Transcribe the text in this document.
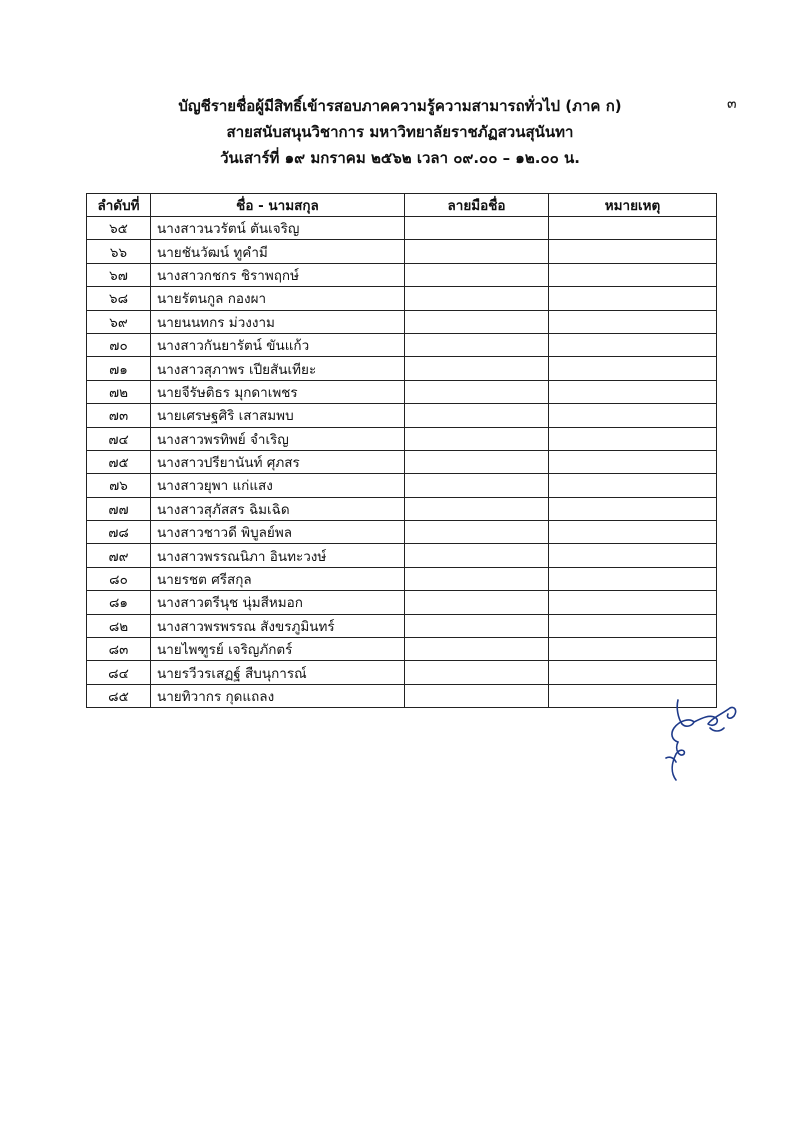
๓
บัญชีรายชื่อผู้มีสิทธิ์เข้ารสอบภาคความรู้ความสามารถทั่วไป (ภาค ก)
สายสนับสนุนวิชาการ มหาวิทยาลัยราชภัฏสวนสุนันทา
วันเสาร์ที่ ๑๙ มกราคม ๒๕๖๒ เวลา ๐๙.๐๐ – ๑๒.๐๐ น.
ลำดับที่	ชื่อ - นามสกุล	ลายมือชื่อ	หมายเหตุ
๖๕	นางสาวนวรัตน์ ตันเจริญ		
๖๖	นายชันวัฒน์ ทูคำมี		
๖๗	นางสาวกชกร ชิราพฤกษ์		
๖๘	นายรัตนกูล กองผา		
๖๙	นายนนทกร ม่วงงาม		
๗๐	นางสาวกันยารัตน์ ขันแก้ว		
๗๑	นางสาวสุภาพร เปียสันเทียะ		
๗๒	นายจีรัษติธร มุกดาเพชร		
๗๓	นายเศรษฐศิริ เสาสมพบ		
๗๔	นางสาวพรทิพย์ จำเริญ		
๗๕	นางสาวปรียานันท์ ศุภสร		
๗๖	นางสาวยุพา แก่แสง		
๗๗	นางสาวสุภัสสร ฉิมเฉิด		
๗๘	นางสาวชาวดี พิบูลย์พล		
๗๙	นางสาวพรรณนิภา อินทะวงษ์		
๘๐	นายรชต ศรีสกุล		
๘๑	นางสาวตรีนุช นุ่มสีหมอก		
๘๒	นางสาวพรพรรณ สังขรภูมินทร์		
๘๓	นายไพฑูรย์ เจริญภักตร์		
๘๔	นายรวีวรเสฏฐ์ สืบนุการณ์		
๘๕	นายทิวากร กุดแถลง		
